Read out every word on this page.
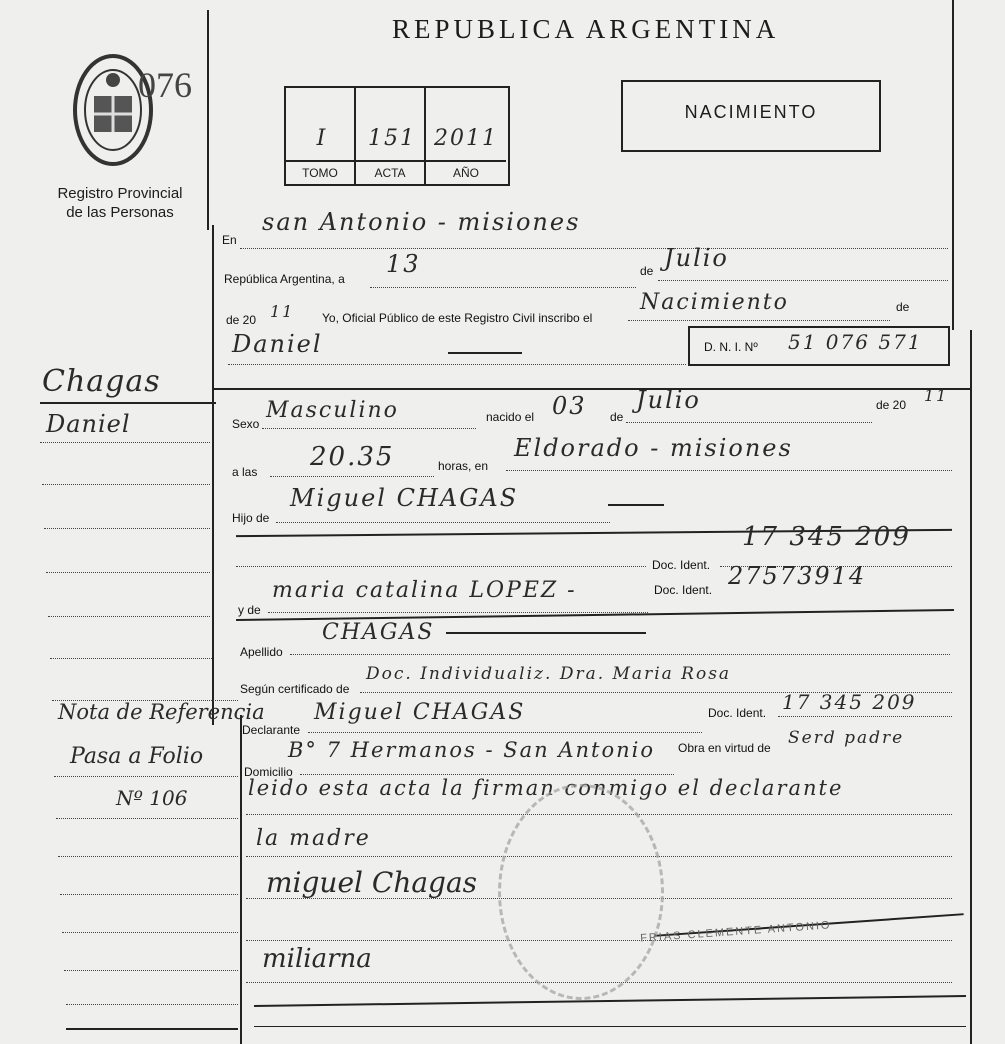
REPUBLICA ARGENTINA
NACIMIENTO
I	151 2011
TOMO	ACTA	AÑO
076
Registro Provincial
de las Personas
En
san Antonio - misiones
República Argentina, a
13	de Julio
de 20 11 Yo, Oficial Público de este Registro Civil inscribo el
Nacimiento	de
Daniel	D. N. I. Nº 51 076 571
Sexo
Masculino	nacido el 03 de
Julio	de 20 11
a las 20.35	horas, en
Eldorado - misiones
Hijo de
Miguel CHAGAS
Doc. Ident.
17 345 209
y de
maria catalina LOPEZ -	Doc. Ident. 27573914
Apellido
CHAGAS
Según certificado de
Doc. Individualiz. Dra. Maria Rosa
Declarante
Miguel CHAGAS	Doc. Ident. 17 345 209
Domicilio
B° 7 Hermanos - San Antonio Obra en virtud de Serd padre
leido esta acta la firman conmigo el declarante
la madre
miguel Chagas
miliarna
FRIAS CLEMENTE ANTONIO
Chagas
Daniel
Nota de Referencia
Pasa a Folio
Nº 106
